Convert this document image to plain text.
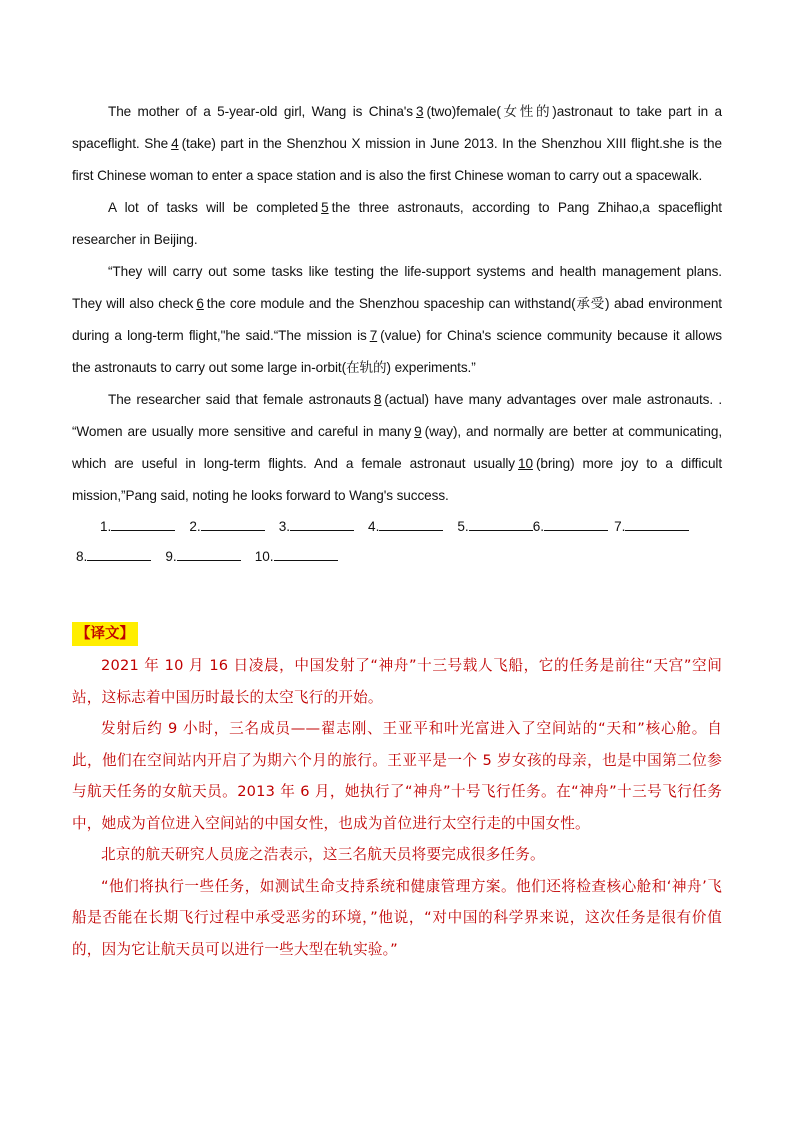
The mother of a 5-year-old girl, Wang is China's 3 (two)female(女性的)astronaut to take part in a spaceflight. She 4 (take) part in the Shenzhou X mission in June 2013. In the Shenzhou XIII flight.she is the first Chinese woman to enter a space station and is also the first Chinese woman to carry out a spacewalk.

A lot of tasks will be completed 5 the three astronauts, according to Pang Zhihao,a spaceflight researcher in Beijing.

“They will carry out some tasks like testing the life-support systems and health management plans. They will also check 6 the core module and the Shenzhou spaceship can withstand(承受) abad environment during a long-term flight,"he said.“The mission is 7 (value) for China's science community because it allows the astronauts to carry out some large in-orbit(在轨的) experiments.”

The researcher said that female astronauts 8 (actual) have many advantages over male astronauts. . “Women are usually more sensitive and careful in many 9 (way), and normally are better at communicating, which are useful in long-term flights. And a female astronaut usually 10 (bring) more joy to a difficult mission,”Pang said, noting he looks forward to Wang's success.

1.	2.	3.	4.	5.	6.	7.
8.	9.	10.
【译文】

2021 年 10 月 16 日凌晨，中国发射了“神舟”十三号载人飞船，它的任务是前往“天宫”空间站，这标志着中国历时最长的太空飞行的开始。

发射后约 9 小时，三名成员——翟志刚、王亚平和叶光富进入了空间站的“天和”核心舱。自此，他们在空间站内开启了为期六个月的旅行。王亚平是一个 5 岁女孩的母亲，也是中国第二位参与航天任务的女航天员。2013 年 6 月，她执行了“神舟”十号飞行任务。在“神舟”十三号飞行任务中，她成为首位进入空间站的中国女性，也成为首位进行太空行走的中国女性。

北京的航天研究人员庞之浩表示，这三名航天员将要完成很多任务。

“他们将执行一些任务，如测试生命支持系统和健康管理方案。他们还将检查核心舱和‘神舟’飞船是否能在长期飞行过程中承受恶劣的环境，”他说，“对中国的科学界来说，这次任务是很有价值的，因为它让航天员可以进行一些大型在轨实验。”
